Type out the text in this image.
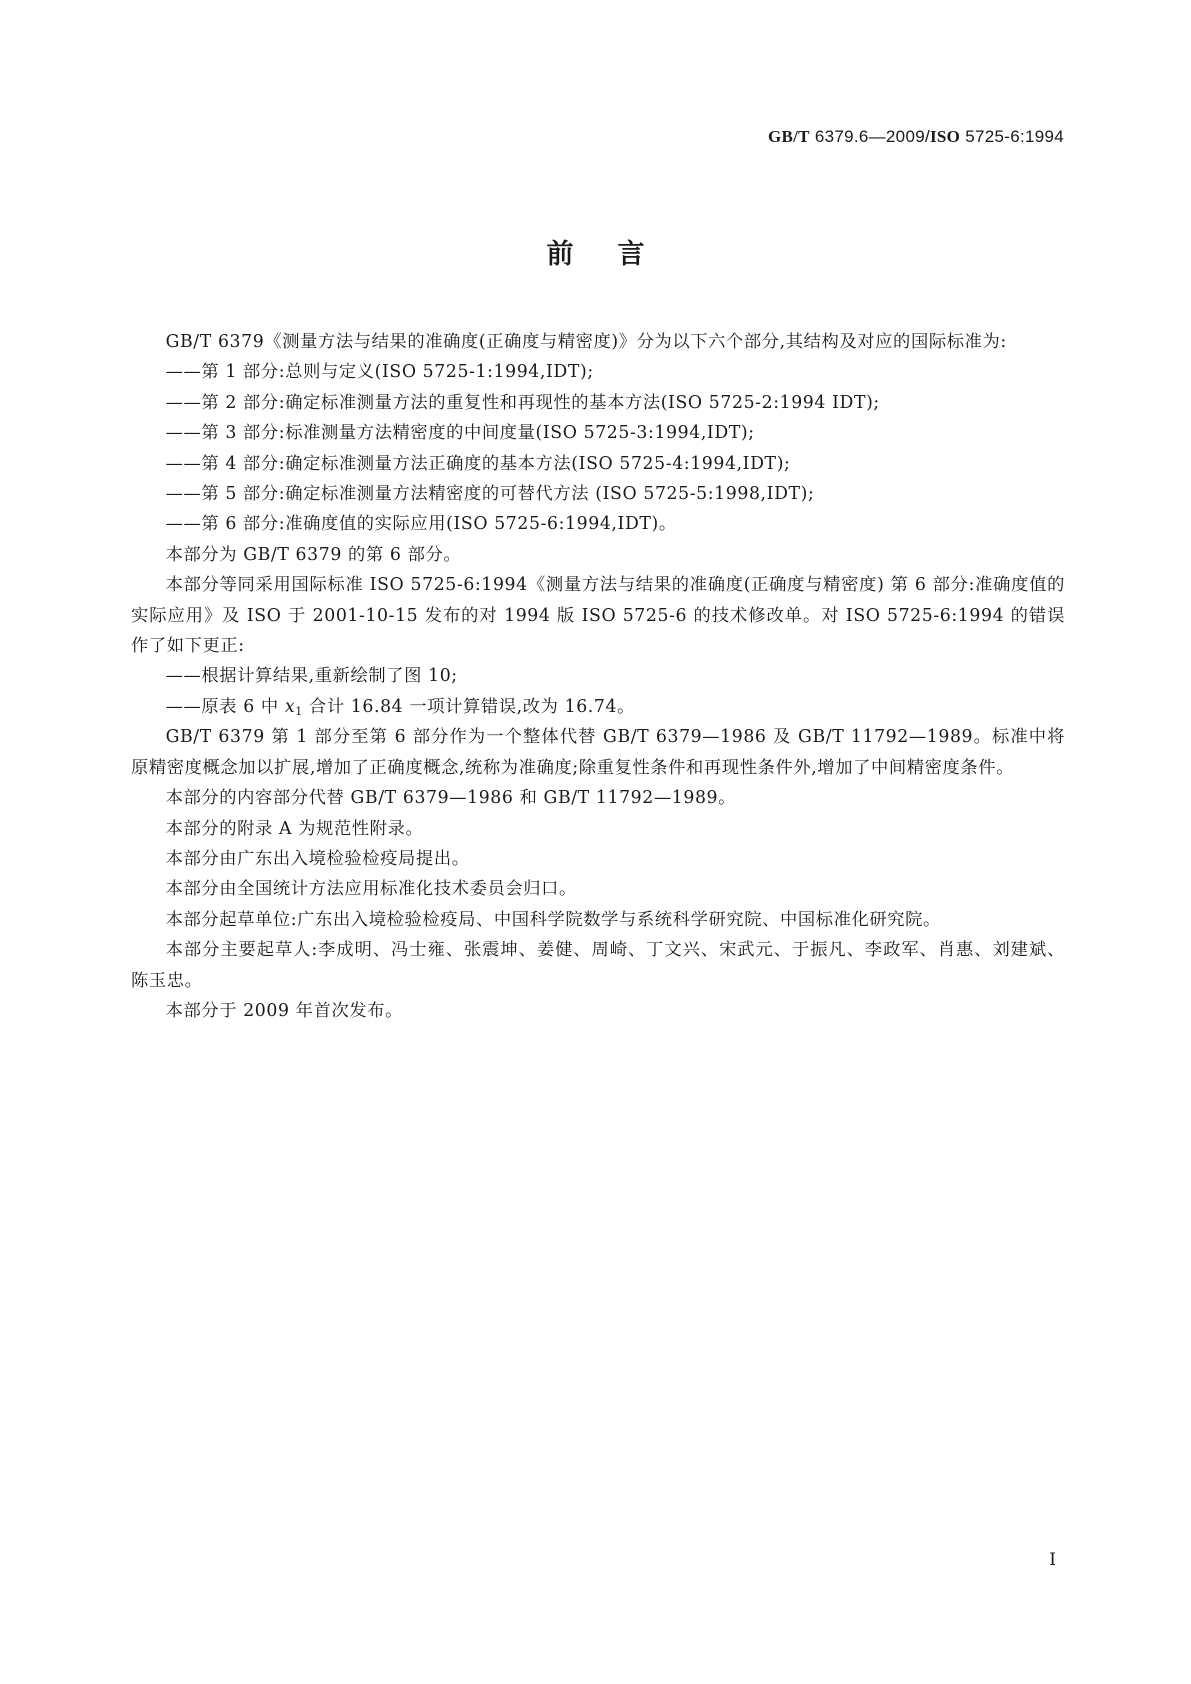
GB/T 6379.6—2009/ISO 5725-6:1994
前言

GB/T 6379《测量方法与结果的准确度(正确度与精密度)》分为以下六个部分,其结构及对应的国际标准为:

——第 1 部分:总则与定义(ISO 5725-1:1994,IDT);

——第 2 部分:确定标准测量方法的重复性和再现性的基本方法(ISO 5725-2:1994 IDT);

——第 3 部分:标准测量方法精密度的中间度量(ISO 5725-3:1994,IDT);

——第 4 部分:确定标准测量方法正确度的基本方法(ISO 5725-4:1994,IDT);

——第 5 部分:确定标准测量方法精密度的可替代方法 (ISO 5725-5:1998,IDT);

——第 6 部分:准确度值的实际应用(ISO 5725-6:1994,IDT)。

本部分为 GB/T 6379 的第 6 部分。

本部分等同采用国际标准 ISO 5725-6:1994《测量方法与结果的准确度(正确度与精密度) 第 6 部分:准确度值的实际应用》及 ISO 于 2001-10-15 发布的对 1994 版 ISO 5725-6 的技术修改单。对 ISO 5725-6:1994 的错误作了如下更正:

——根据计算结果,重新绘制了图 10;

——原表 6 中 $x_1$ 合计 16.84 一项计算错误,改为 16.74。

GB/T 6379 第 1 部分至第 6 部分作为一个整体代替 GB/T 6379—1986 及 GB/T 11792—1989。标准中将原精密度概念加以扩展,增加了正确度概念,统称为准确度;除重复性条件和再现性条件外,增加了中间精密度条件。

本部分的内容部分代替 GB/T 6379—1986 和 GB/T 11792—1989。

本部分的附录 A 为规范性附录。

本部分由广东出入境检验检疫局提出。

本部分由全国统计方法应用标准化技术委员会归口。

本部分起草单位:广东出入境检验检疫局、中国科学院数学与系统科学研究院、中国标准化研究院。

本部分主要起草人:李成明、冯士雍、张震坤、姜健、周崎、丁文兴、宋武元、于振凡、李政军、肖惠、刘建斌、陈玉忠。

本部分于 2009 年首次发布。

I
